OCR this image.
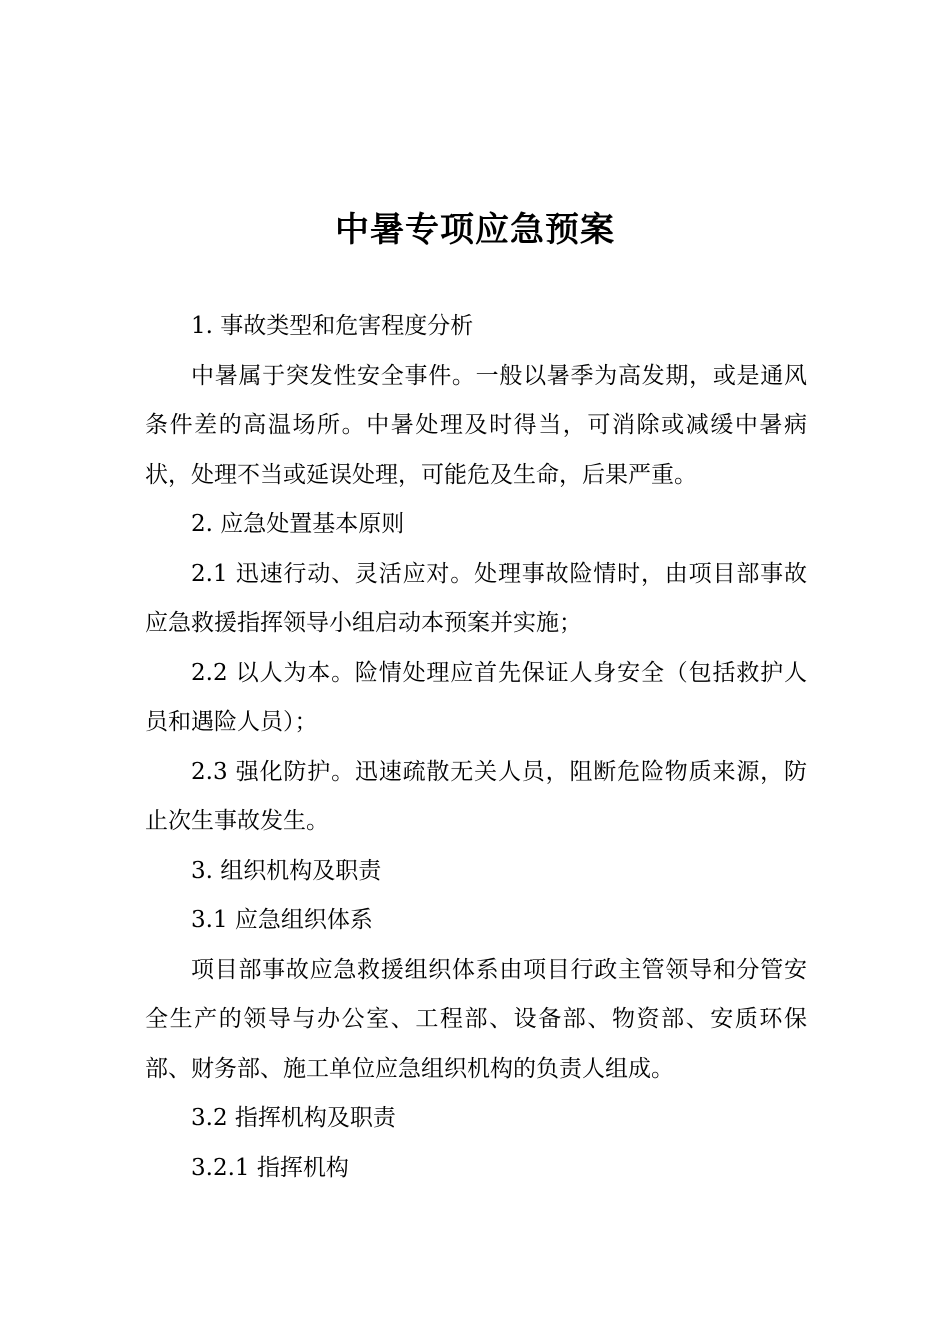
中暑专项应急预案

1. 事故类型和危害程度分析

中暑属于突发性安全事件。一般以暑季为高发期，或是通风条件差的高温场所。中暑处理及时得当，可消除或减缓中暑病状，处理不当或延误处理，可能危及生命，后果严重。

2. 应急处置基本原则

2.1 迅速行动、灵活应对。处理事故险情时，由项目部事故应急救援指挥领导小组启动本预案并实施；

2.2 以人为本。险情处理应首先保证人身安全（包括救护人员和遇险人员）；

2.3 强化防护。迅速疏散无关人员，阻断危险物质来源，防止次生事故发生。

3. 组织机构及职责

3.1 应急组织体系

项目部事故应急救援组织体系由项目行政主管领导和分管安全生产的领导与办公室、工程部、设备部、物资部、安质环保部、财务部、施工单位应急组织机构的负责人组成。

3.2 指挥机构及职责

3.2.1 指挥机构
